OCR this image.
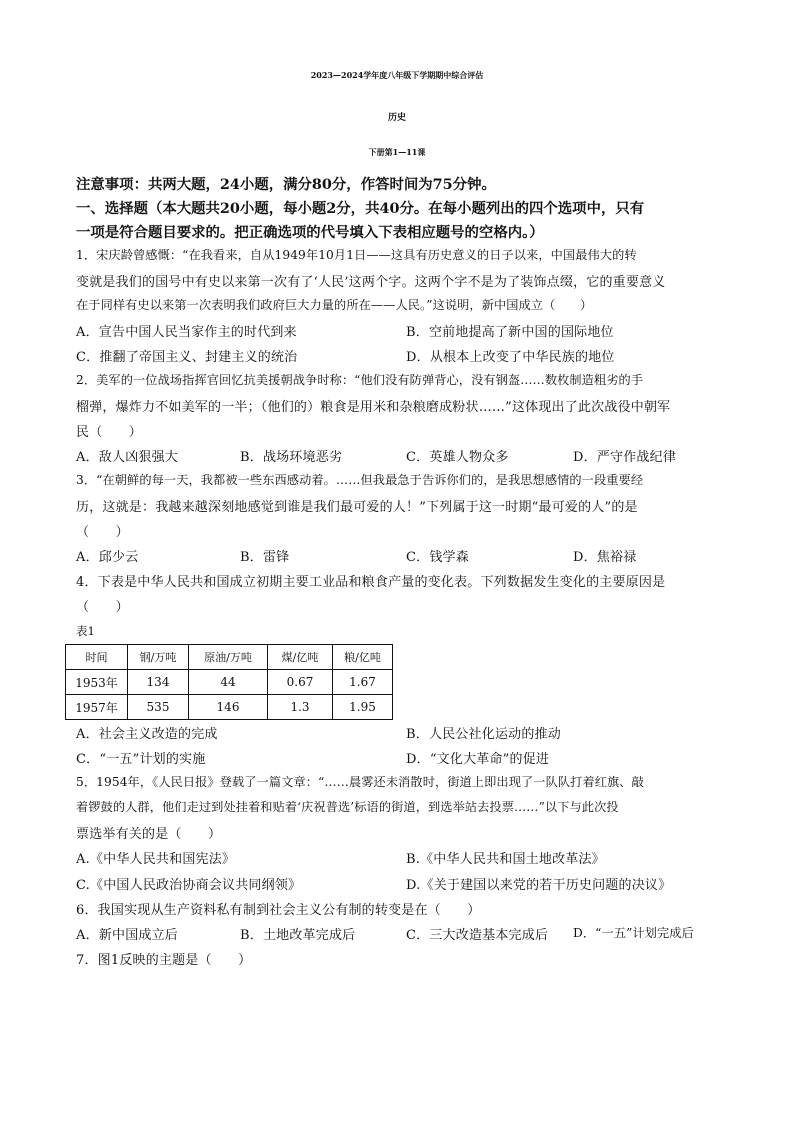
2023—2024学年度八年级下学期期中综合评估
历史
下册第1—11课
注意事项：共两大题，24小题，满分80分，作答时间为75分钟。
一、选择题（本大题共20小题，每小题2分，共40分。在每小题列出的四个选项中，只有
一项是符合题目要求的。把正确选项的代号填入下表相应题号的空格内。）
1．宋庆龄曾感慨：“在我看来，自从1949年10月1日——这具有历史意义的日子以来，中国最伟大的转
变就是我们的国号中有史以来第一次有了‘人民’这两个字。这两个字不是为了装饰点缀，它的重要意义
在于同样有史以来第一次表明我们政府巨大力量的所在——人民。”这说明，新中国成立（　　）
A．宣告中国人民当家作主的时代到来	B．空前地提高了新中国的国际地位
C．推翻了帝国主义、封建主义的统治	D．从根本上改变了中华民族的地位
2．美军的一位战场指挥官回忆抗美援朝战争时称：“他们没有防弹背心，没有钢盔……数枚制造粗劣的手
榴弹，爆炸力不如美军的一半；（他们的）粮食是用米和杂粮磨成粉状……”这体现出了此次战役中朝军
民（　　）
A．敌人凶狠强大	B．战场环境恶劣	C．英雄人物众多	D．严守作战纪律
3．“在朝鲜的每一天，我都被一些东西感动着。……但我最急于告诉你们的，是我思想感情的一段重要经
历，这就是：我越来越深刻地感觉到谁是我们最可爱的人！”下列属于这一时期“最可爱的人”的是
（　　）
A．邱少云	B．雷锋	C．钱学森	D．焦裕禄
4．下表是中华人民共和国成立初期主要工业品和粮食产量的变化表。下列数据发生变化的主要原因是
（　　）
表1
时间	钢/万吨	原油/万吨	煤/亿吨	粮/亿吨
1953年	134	44	0.67	1.67
1957年	535	146	1.3	1.95
A．社会主义改造的完成	B．人民公社化运动的推动
C．“一五”计划的实施	D．“文化大革命”的促进
5．1954年，《人民日报》登载了一篇文章：“……晨雾还未消散时，街道上即出现了一队队打着红旗、敲
着锣鼓的人群，他们走过到处挂着和贴着‘庆祝普选’标语的街道，到选举站去投票……”以下与此次投
票选举有关的是（　　）
A.《中华人民共和国宪法》	B.《中华人民共和国土地改革法》
C.《中国人民政治协商会议共同纲领》	D.《关于建国以来党的若干历史问题的决议》
6．我国实现从生产资料私有制到社会主义公有制的转变是在（　　）
A．新中国成立后	B．土地改革完成后	C．三大改造基本完成后 D．“一五”计划完成后
7．图1反映的主题是（　　）
